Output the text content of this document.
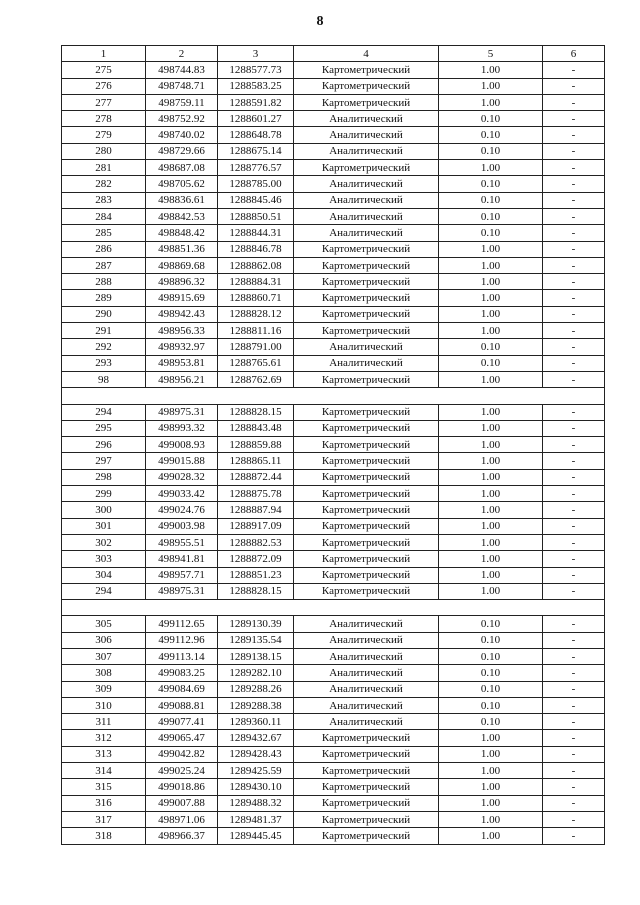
8
1	2	3	4	5	6
275	498744.83	1288577.73	Картометрический	1.00	-
276	498748.71	1288583.25	Картометрический	1.00	-
277	498759.11	1288591.82	Картометрический	1.00	-
278	498752.92	1288601.27	Аналитический	0.10	-
279	498740.02	1288648.78	Аналитический	0.10	-
280	498729.66	1288675.14	Аналитический	0.10	-
281	498687.08	1288776.57	Картометрический	1.00	-
282	498705.62	1288785.00	Аналитический	0.10	-
283	498836.61	1288845.46	Аналитический	0.10	-
284	498842.53	1288850.51	Аналитический	0.10	-
285	498848.42	1288844.31	Аналитический	0.10	-
286	498851.36	1288846.78	Картометрический	1.00	-
287	498869.68	1288862.08	Картометрический	1.00	-
288	498896.32	1288884.31	Картометрический	1.00	-
289	498915.69	1288860.71	Картометрический	1.00	-
290	498942.43	1288828.12	Картометрический	1.00	-
291	498956.33	1288811.16	Картометрический	1.00	-
292	498932.97	1288791.00	Аналитический	0.10	-
293	498953.81	1288765.61	Аналитический	0.10	-
98	498956.21	1288762.69	Картометрический	1.00	-

294	498975.31	1288828.15	Картометрический	1.00	-
295	498993.32	1288843.48	Картометрический	1.00	-
296	499008.93	1288859.88	Картометрический	1.00	-
297	499015.88	1288865.11	Картометрический	1.00	-
298	499028.32	1288872.44	Картометрический	1.00	-
299	499033.42	1288875.78	Картометрический	1.00	-
300	499024.76	1288887.94	Картометрический	1.00	-
301	499003.98	1288917.09	Картометрический	1.00	-
302	498955.51	1288882.53	Картометрический	1.00	-
303	498941.81	1288872.09	Картометрический	1.00	-
304	498957.71	1288851.23	Картометрический	1.00	-
294	498975.31	1288828.15	Картометрический	1.00	-

305	499112.65	1289130.39	Аналитический	0.10	-
306	499112.96	1289135.54	Аналитический	0.10	-
307	499113.14	1289138.15	Аналитический	0.10	-
308	499083.25	1289282.10	Аналитический	0.10	-
309	499084.69	1289288.26	Аналитический	0.10	-
310	499088.81	1289288.38	Аналитический	0.10	-
311	499077.41	1289360.11	Аналитический	0.10	-
312	499065.47	1289432.67	Картометрический	1.00	-
313	499042.82	1289428.43	Картометрический	1.00	-
314	499025.24	1289425.59	Картометрический	1.00	-
315	499018.86	1289430.10	Картометрический	1.00	-
316	499007.88	1289488.32	Картометрический	1.00	-
317	498971.06	1289481.37	Картометрический	1.00	-
318	498966.37	1289445.45	Картометрический	1.00	-
